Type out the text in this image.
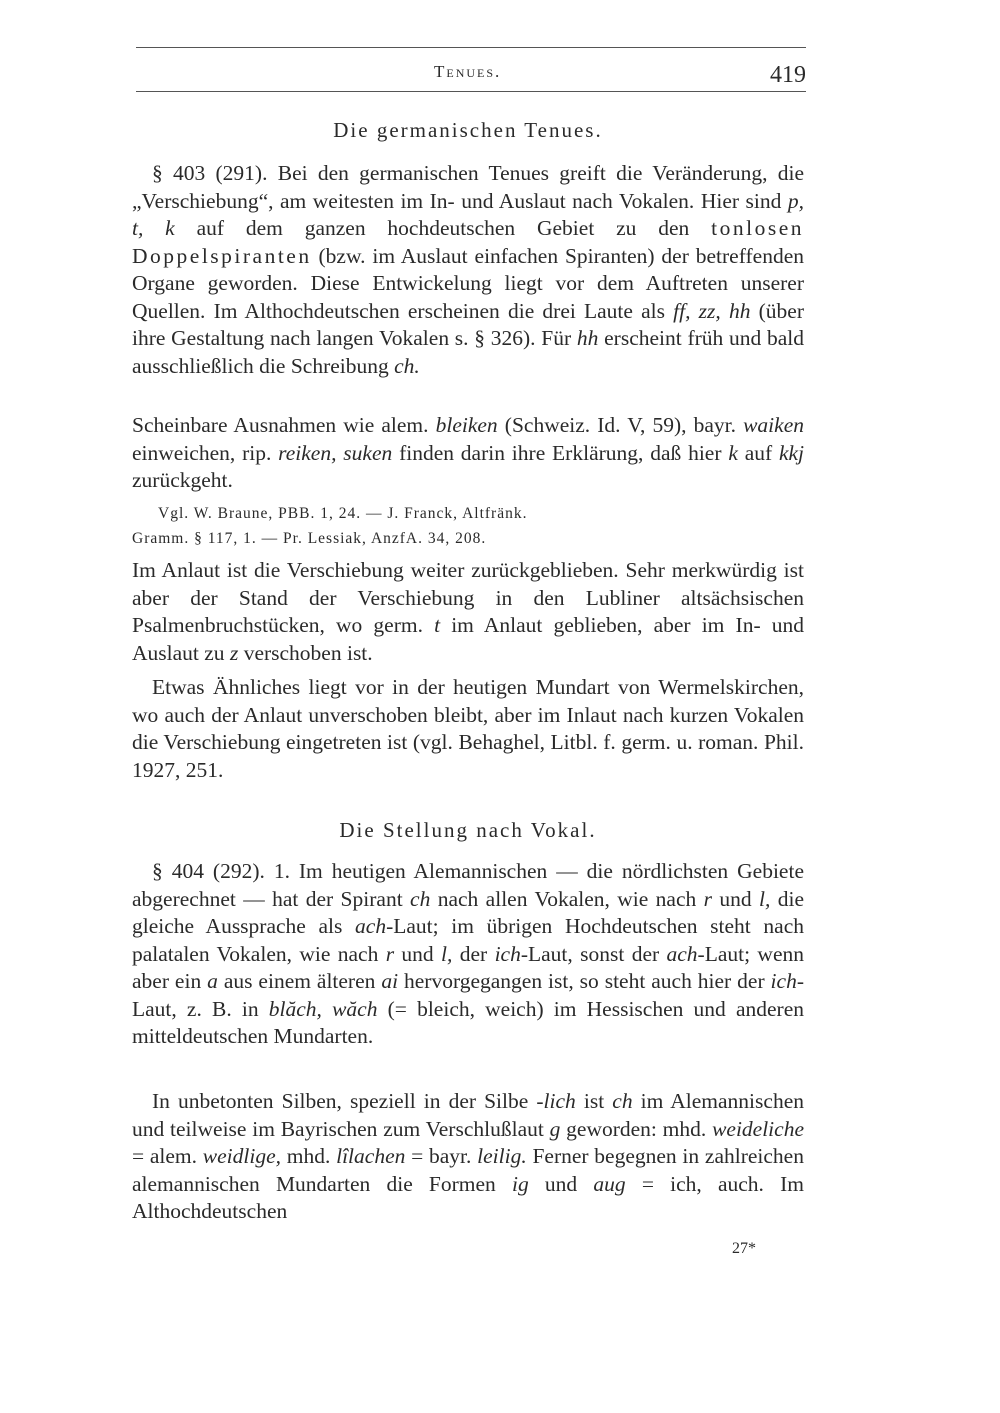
Tenues.	419
Die germanischen Tenues.
§ 403 (291). Bei den germanischen Tenues greift die Veränderung, die „Verschiebung“, am weitesten im In- und Auslaut nach Vokalen. Hier sind p, t, k auf dem ganzen hochdeutschen Gebiet zu den tonlosen Doppelspiranten (bzw. im Auslaut einfachen Spiranten) der betreffenden Organe geworden. Diese Entwickelung liegt vor dem Auftreten unserer Quellen. Im Althochdeutschen erscheinen die drei Laute als ff, zz, hh (über ihre Gestaltung nach langen Vokalen s. § 326). Für hh erscheint früh und bald ausschließlich die Schreibung ch.
Scheinbare Ausnahmen wie alem. bleiken (Schweiz. Id. V, 59), bayr. waiken einweichen, rip. reiken, suken finden darin ihre Erklärung, daß hier k auf kkj zurückgeht.
Vgl. W. Braune, PBB. 1, 24. — J. Franck, Altfränk.
Gramm. § 117, 1. — Pr. Lessiak, AnzfA. 34, 208.
Im Anlaut ist die Verschiebung weiter zurückgeblieben. Sehr merkwürdig ist aber der Stand der Verschiebung in den Lubliner altsächsischen Psalmenbruchstücken, wo germ. t im Anlaut geblieben, aber im In- und Auslaut zu z verschoben ist.
Etwas Ähnliches liegt vor in der heutigen Mundart von Wermelskirchen, wo auch der Anlaut unverschoben bleibt, aber im Inlaut nach kurzen Vokalen die Verschiebung eingetreten ist (vgl. Behaghel, Litbl. f. germ. u. roman. Phil. 1927, 251.
Die Stellung nach Vokal.
§ 404 (292). 1. Im heutigen Alemannischen — die nördlichsten Gebiete abgerechnet — hat der Spirant ch nach allen Vokalen, wie nach r und l, die gleiche Aussprache als ach-Laut; im übrigen Hochdeutschen steht nach palatalen Vokalen, wie nach r und l, der ich-Laut, sonst der ach-Laut; wenn aber ein a aus einem älteren ai hervorgegangen ist, so steht auch hier der ich-Laut, z. B. in blăch, wăch (= bleich, weich) im Hessischen und anderen mitteldeutschen Mundarten.
In unbetonten Silben, speziell in der Silbe -lich ist ch im Alemannischen und teilweise im Bayrischen zum Verschlußlaut g geworden: mhd. weideliche = alem. weidlige, mhd. lîlachen = bayr. leilig. Ferner begegnen in zahlreichen alemannischen Mundarten die Formen ig und aug = ich, auch. Im Althochdeutschen
27*
